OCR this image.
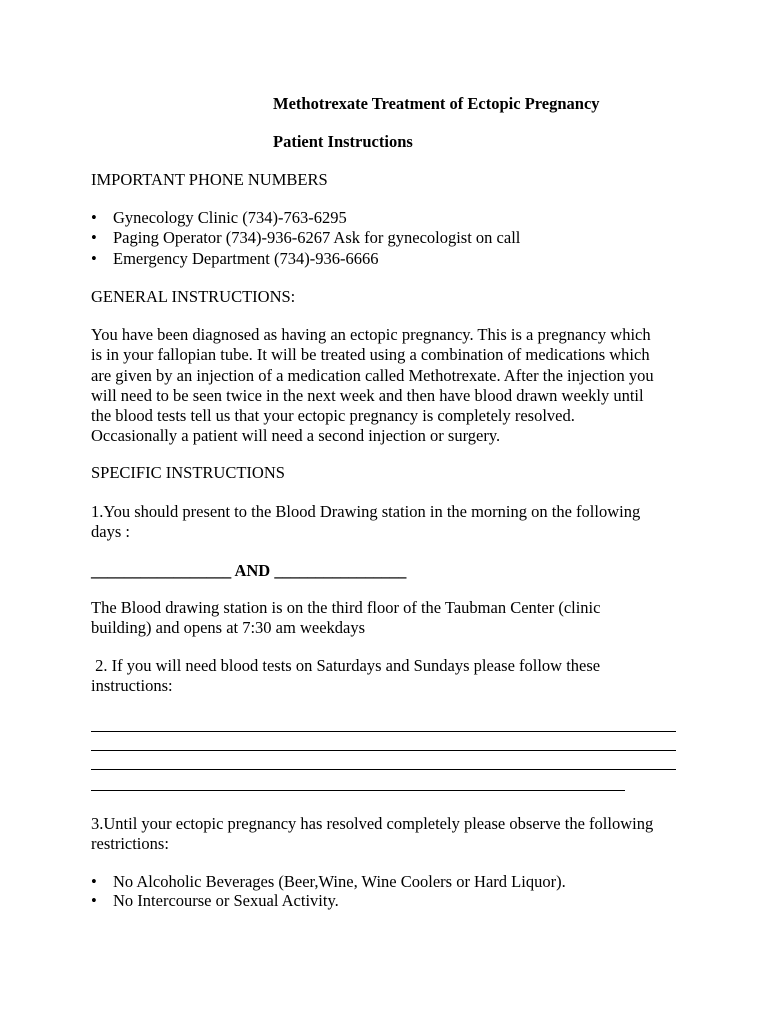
Methotrexate Treatment of Ectopic Pregnancy
Patient Instructions
IMPORTANT PHONE NUMBERS
• Gynecology Clinic (734)-763-6295
• Paging Operator (734)-936-6267 Ask for gynecologist on call
• Emergency Department (734)-936-6666
GENERAL INSTRUCTIONS:
You have been diagnosed as having an ectopic pregnancy. This is a pregnancy which
is in your fallopian tube. It will be treated using a combination of medications which
are given by an injection of a medication called Methotrexate. After the injection you
will need to be seen twice in the next week and then have blood drawn weekly until
the blood tests tell us that your ectopic pregnancy is completely resolved.
Occasionally a patient will need a second injection or surgery.
SPECIFIC INSTRUCTIONS
1.You should present to the Blood Drawing station in the morning on the following
days :
_________________ AND ________________
The Blood drawing station is on the third floor of the Taubman Center (clinic
building) and opens at 7:30 am weekdays
2. If you will need blood tests on Saturdays and Sundays please follow these
instructions:
3.Until your ectopic pregnancy has resolved completely please observe the following
restrictions:
• No Alcoholic Beverages (Beer,Wine, Wine Coolers or Hard Liquor).
• No Intercourse or Sexual Activity.
